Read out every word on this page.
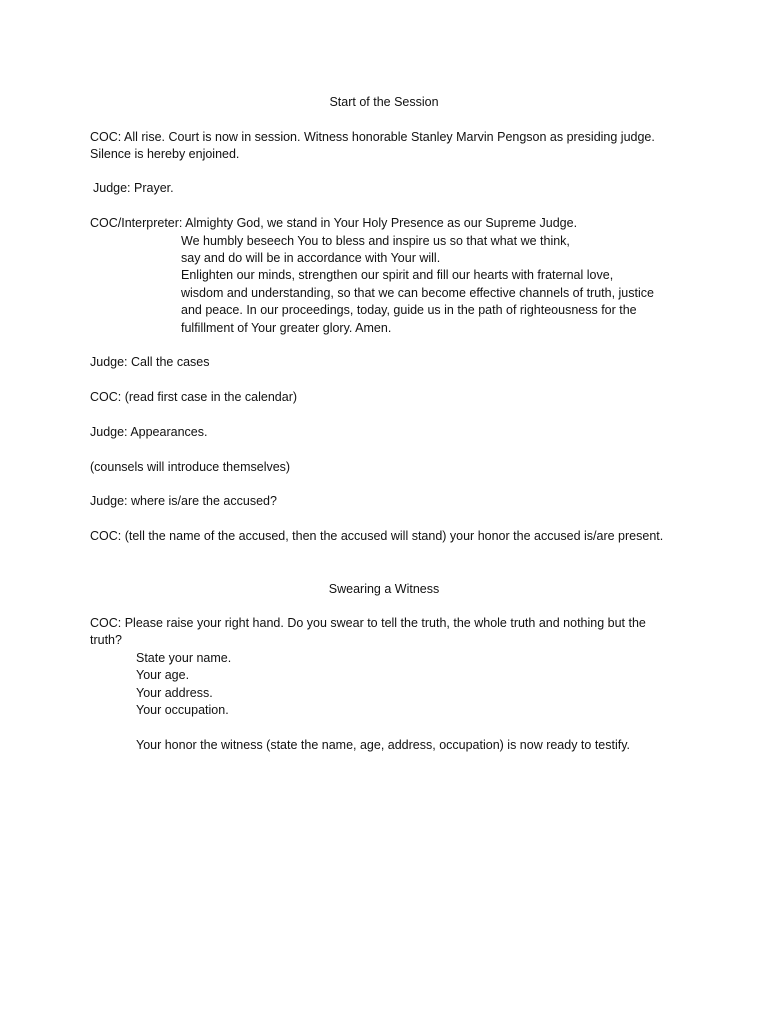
Start of the Session
COC: All rise. Court is now in session. Witness honorable Stanley Marvin Pengson as presiding judge.
Silence is hereby enjoined.
Judge: Prayer.
COC/Interpreter: Almighty God, we stand in Your Holy Presence as our Supreme Judge.
We humbly beseech You to bless and inspire us so that what we think,
say and do will be in accordance with Your will.
Enlighten our minds, strengthen our spirit and fill our hearts with fraternal love,
wisdom and understanding, so that we can become effective channels of truth, justice
and peace. In our proceedings, today, guide us in the path of righteousness for the
fulfillment of Your greater glory. Amen.
Judge: Call the cases
COC: (read first case in the calendar)
Judge: Appearances.
(counsels will introduce themselves)
Judge: where is/are the accused?
COC: (tell the name of the accused, then the accused will stand) your honor the accused is/are present.
Swearing a Witness
COC: Please raise your right hand. Do you swear to tell the truth, the whole truth and nothing but the
truth?
State your name.
Your age.
Your address.
Your occupation.
Your honor the witness (state the name, age, address, occupation) is now ready to testify.
